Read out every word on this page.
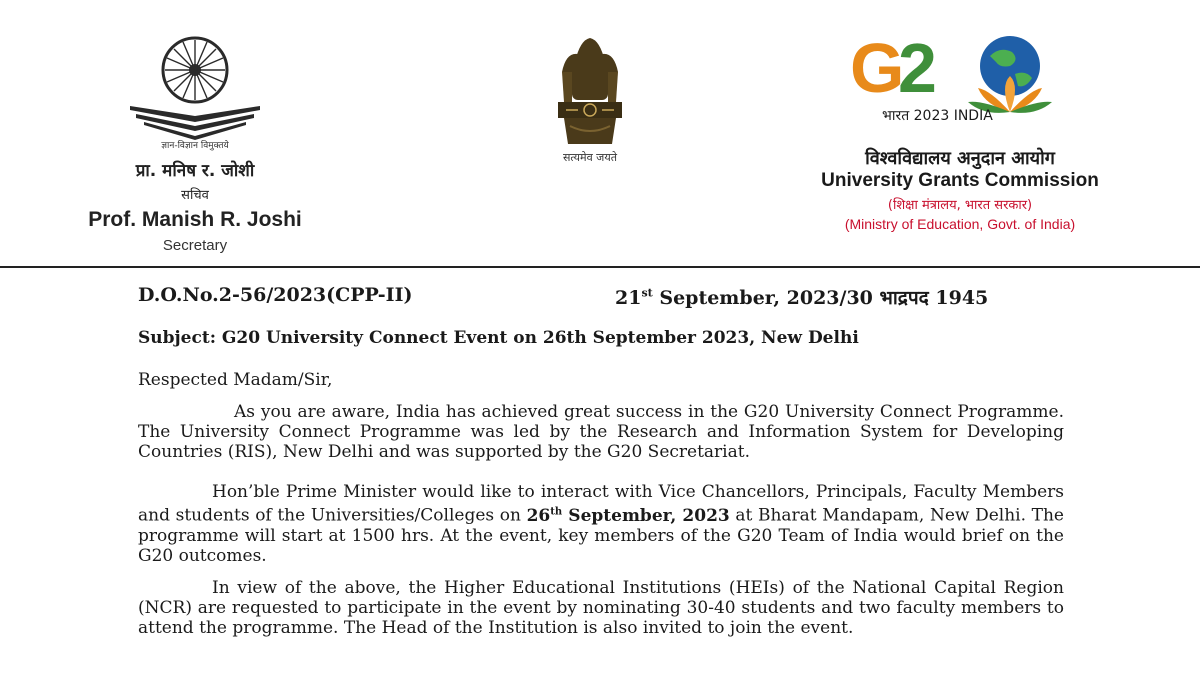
ज्ञान-विज्ञान विमुक्तये
प्रा. मनिष र. जोशी
सचिव
Prof. Manish R. Joshi
Secretary
सत्यमेव जयते
G
2
भारत 2023 INDIA
विश्वविद्यालय अनुदान आयोग
University Grants Commission
(शिक्षा मंत्रालय, भारत सरकार)
(Ministry of Education, Govt. of India)
D.O.No.2-56/2023(CPP-II)	21st September, 2023/30 भाद्रपद 1945
Subject: G20 University Connect Event on 26th September 2023, New Delhi
Respected Madam/Sir,

As you are aware, India has achieved great success in the G20 University Connect Programme. The University Connect Programme was led by the Research and Information System for Developing Countries (RIS), New Delhi and was supported by the G20 Secretariat.

Hon’ble Prime Minister would like to interact with Vice Chancellors, Principals, Faculty Members and students of the Universities/Colleges on 26th September, 2023 at Bharat Mandapam, New Delhi. The programme will start at 1500 hrs. At the event, key members of the G20 Team of India would brief on the G20 outcomes.

In view of the above, the Higher Educational Institutions (HEIs) of the National Capital Region (NCR) are requested to participate in the event by nominating 30-40 students and two faculty members to attend the programme. The Head of the Institution is also invited to join the event.
